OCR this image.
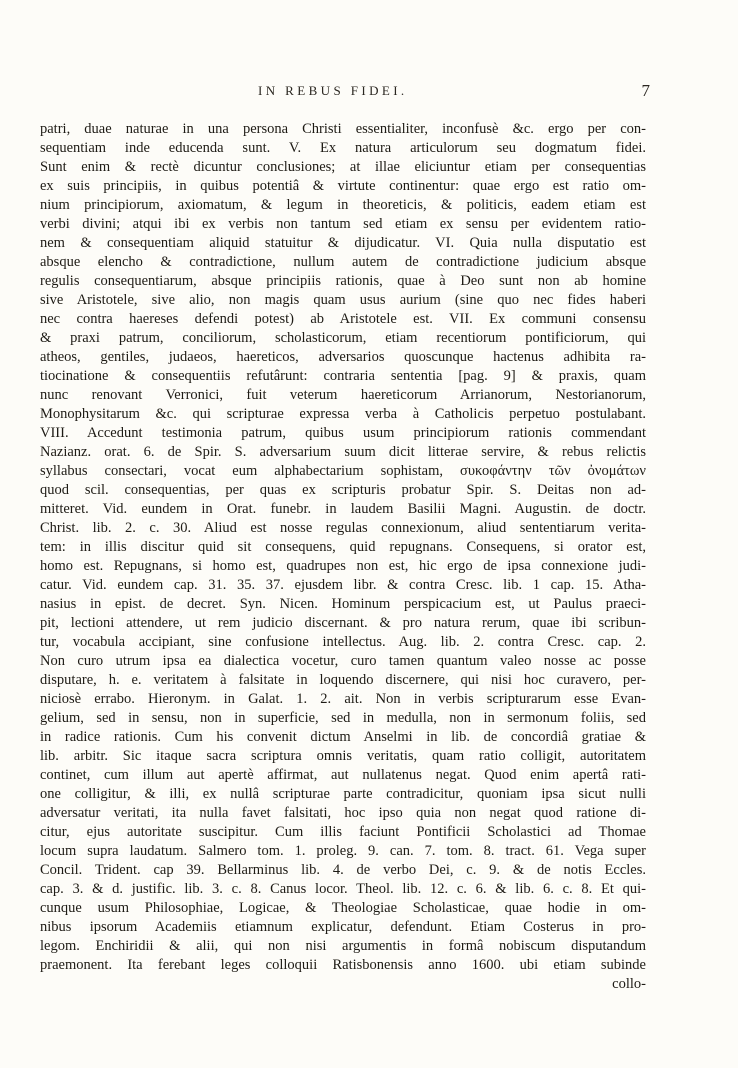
IN REBUS FIDEI.	7
patri, duae naturae in una persona Christi essentialiter, inconfusè &c. ergo per con-
sequentiam inde educenda sunt. V. Ex natura articulorum seu dogmatum fidei.
Sunt enim & rectè dicuntur conclusiones; at illae eliciuntur etiam per consequentias
ex suis principiis, in quibus potentiâ & virtute continentur: quae ergo est ratio om-
nium principiorum, axiomatum, & legum in theoreticis, & politicis, eadem etiam est
verbi divini; atqui ibi ex verbis non tantum sed etiam ex sensu per evidentem ratio-
nem & consequentiam aliquid statuitur & dijudicatur. VI. Quia nulla disputatio est
absque elencho & contradictione, nullum autem de contradictione judicium absque
regulis consequentiarum, absque principiis rationis, quae à Deo sunt non ab homine
sive Aristotele, sive alio, non magis quam usus aurium (sine quo nec fides haberi
nec contra haereses defendi potest) ab Aristotele est. VII. Ex communi consensu
& praxi patrum, conciliorum, scholasticorum, etiam recentiorum pontificiorum, qui
atheos, gentiles, judaeos, haereticos, adversarios quoscunque hactenus adhibita ra-
tiocinatione & consequentiis refutârunt: contraria sententia [pag. 9] & praxis, quam
nunc renovant Verronici, fuit veterum haereticorum Arrianorum, Nestorianorum,
Monophysitarum &c. qui scripturae expressa verba à Catholicis perpetuo postulabant.
VIII. Accedunt testimonia patrum, quibus usum principiorum rationis commendant
Nazianz. orat. 6. de Spir. S. adversarium suum dicit litterae servire, & rebus relictis
syllabus consectari, vocat eum alphabectarium sophistam, συκοφάντην τῶν ὀνομάτων
quod scil. consequentias, per quas ex scripturis probatur Spir. S. Deitas non ad-
mitteret. Vid. eundem in Orat. funebr. in laudem Basilii Magni. Augustin. de doctr.
Christ. lib. 2. c. 30. Aliud est nosse regulas connexionum, aliud sententiarum verita-
tem: in illis discitur quid sit consequens, quid repugnans. Consequens, si orator est,
homo est. Repugnans, si homo est, quadrupes non est, hic ergo de ipsa connexione judi-
catur. Vid. eundem cap. 31. 35. 37. ejusdem libr. & contra Cresc. lib. 1 cap. 15. Atha-
nasius in epist. de decret. Syn. Nicen. Hominum perspicacium est, ut Paulus praeci-
pit, lectioni attendere, ut rem judicio discernant. & pro natura rerum, quae ibi scribun-
tur, vocabula accipiant, sine confusione intellectus. Aug. lib. 2. contra Cresc. cap. 2.
Non curo utrum ipsa ea dialectica vocetur, curo tamen quantum valeo nosse ac posse
disputare, h. e. veritatem à falsitate in loquendo discernere, qui nisi hoc curavero, per-
niciosè errabo. Hieronym. in Galat. 1. 2. ait. Non in verbis scripturarum esse Evan-
gelium, sed in sensu, non in superficie, sed in medulla, non in sermonum foliis, sed
in radice rationis. Cum his convenit dictum Anselmi in lib. de concordiâ gratiae &
lib. arbitr. Sic itaque sacra scriptura omnis veritatis, quam ratio colligit, autoritatem
continet, cum illum aut apertè affirmat, aut nullatenus negat. Quod enim apertâ rati-
one colligitur, & illi, ex nullâ scripturae parte contradicitur, quoniam ipsa sicut nulli
adversatur veritati, ita nulla favet falsitati, hoc ipso quia non negat quod ratione di-
citur, ejus autoritate suscipitur. Cum illis faciunt Pontificii Scholastici ad Thomae
locum supra laudatum. Salmero tom. 1. proleg. 9. can. 7. tom. 8. tract. 61. Vega super
Concil. Trident. cap 39. Bellarminus lib. 4. de verbo Dei, c. 9. & de notis Eccles.
cap. 3. & d. justific. lib. 3. c. 8. Canus locor. Theol. lib. 12. c. 6. & lib. 6. c. 8. Et qui-
cunque usum Philosophiae, Logicae, & Theologiae Scholasticae, quae hodie in om-
nibus ipsorum Academiis etiamnum explicatur, defendunt. Etiam Costerus in pro-
legom. Enchiridii & alii, qui non nisi argumentis in formâ nobiscum disputandum
praemonent. Ita ferebant leges colloquii Ratisbonensis anno 1600. ubi etiam subinde
collo-
